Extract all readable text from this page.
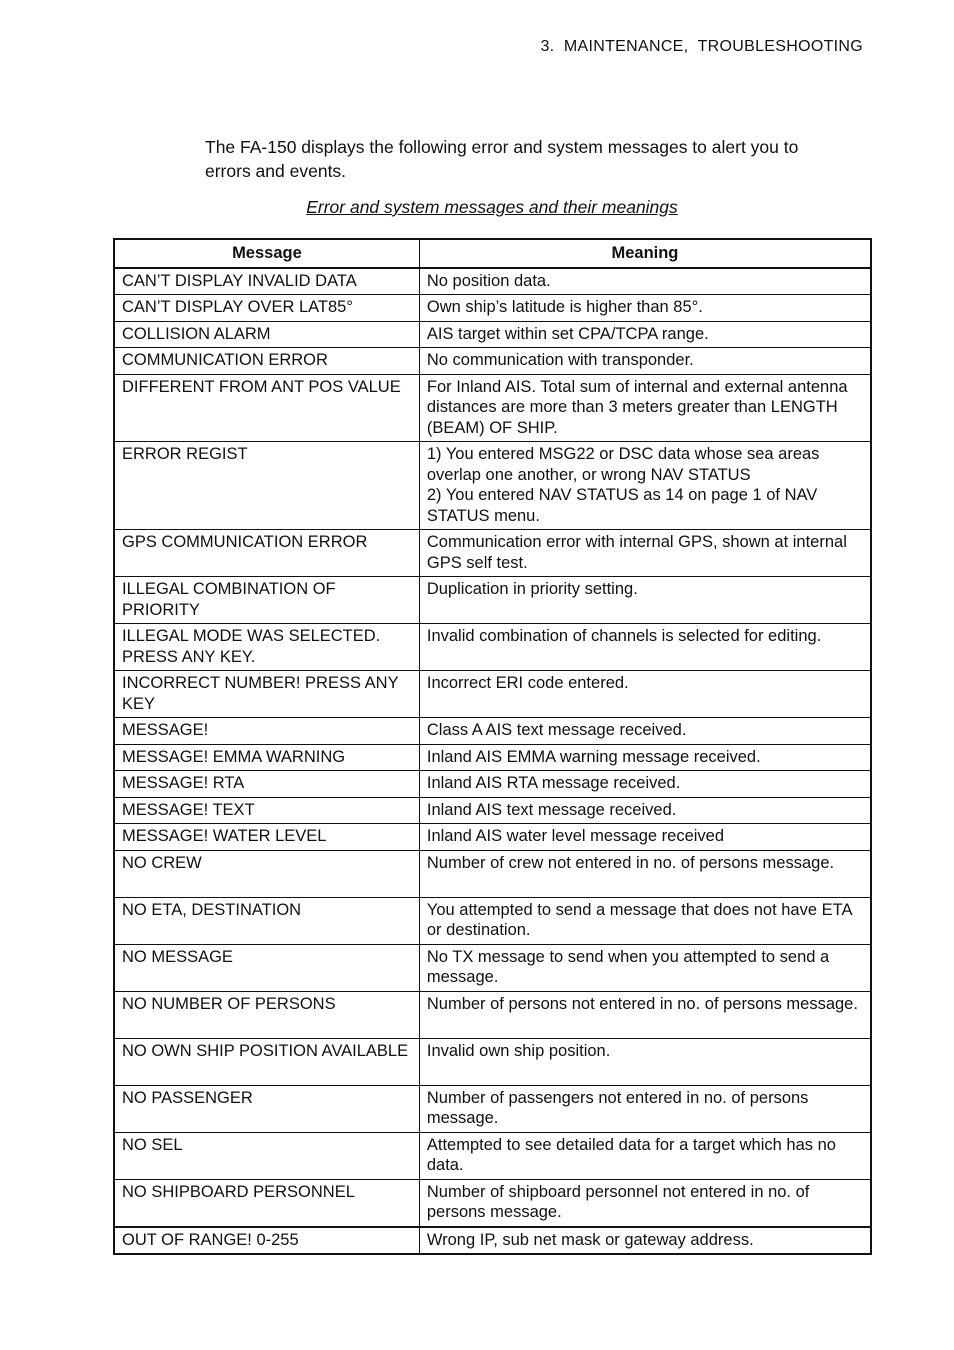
3.  MAINTENANCE,  TROUBLESHOOTING

The FA-150 displays the following error and system messages to alert you to errors and events.

Error and system messages and their meanings
Message	Meaning
CAN’T DISPLAY INVALID DATA	No position data.
CAN’T DISPLAY OVER LAT85°	Own ship’s latitude is higher than 85°.
COLLISION ALARM	AIS target within set CPA/TCPA range.
COMMUNICATION ERROR	No communication with transponder.
DIFFERENT FROM ANT POS VALUE	For Inland AIS. Total sum of internal and external antenna distances are more than 3 meters greater than LENGTH (BEAM) OF SHIP.
ERROR REGIST	1) You entered MSG22 or DSC data whose sea areas overlap one another, or wrong NAV STATUS
2) You entered NAV STATUS as 14 on page 1 of NAV STATUS menu.
GPS COMMUNICATION ERROR	Communication error with internal GPS, shown at internal GPS self test.
ILLEGAL COMBINATION OF PRIORITY	Duplication in priority setting.
ILLEGAL MODE WAS SELECTED. PRESS ANY KEY.	Invalid combination of channels is selected for editing.
INCORRECT NUMBER! PRESS ANY KEY	Incorrect ERI code entered.
MESSAGE!	Class A AIS text message received.
MESSAGE! EMMA WARNING	Inland AIS EMMA warning message received.
MESSAGE! RTA	Inland AIS RTA message received.
MESSAGE! TEXT	Inland AIS text message received.
MESSAGE! WATER LEVEL	Inland AIS water level message received
NO CREW	Number of crew not entered in no. of persons message.
NO ETA, DESTINATION	You attempted to send a message that does not have ETA or destination.
NO MESSAGE	No TX message to send when you attempted to send a message.
NO NUMBER OF PERSONS	Number of persons not entered in no. of persons message.
NO OWN SHIP POSITION AVAILABLE	Invalid own ship position.
NO PASSENGER	Number of passengers not entered in no. of persons message.
NO SEL	Attempted to see detailed data for a target which has no data.
NO SHIPBOARD PERSONNEL	Number of shipboard personnel not entered in no. of persons message.
OUT OF RANGE! 0-255	Wrong IP, sub net mask or gateway address.
